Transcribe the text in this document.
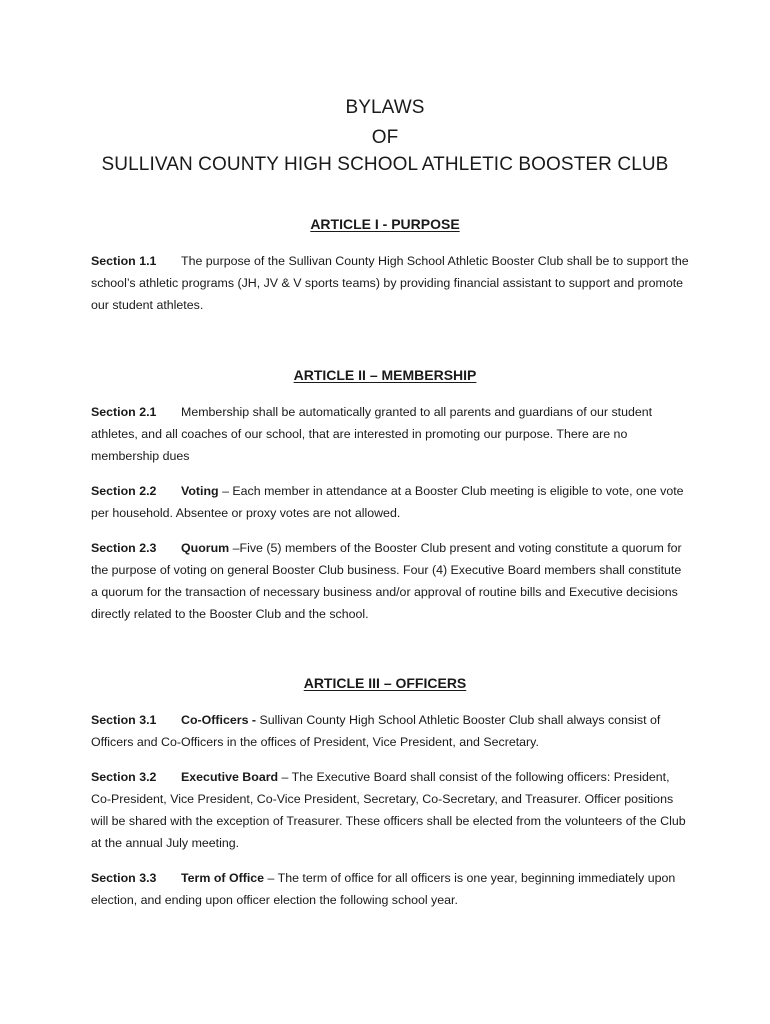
BYLAWS
OF
SULLIVAN COUNTY HIGH SCHOOL ATHLETIC BOOSTER CLUB
ARTICLE I - PURPOSE
Section 1.1 The purpose of the Sullivan County High School Athletic Booster Club shall be to support the school’s athletic programs (JH, JV & V sports teams) by providing financial assistant to support and promote our student athletes.
ARTICLE II – MEMBERSHIP
Section 2.1 Membership shall be automatically granted to all parents and guardians of our student athletes, and all coaches of our school, that are interested in promoting our purpose. There are no membership dues
Section 2.2 Voting – Each member in attendance at a Booster Club meeting is eligible to vote, one vote per household. Absentee or proxy votes are not allowed.
Section 2.3 Quorum –Five (5) members of the Booster Club present and voting constitute a quorum for the purpose of voting on general Booster Club business. Four (4) Executive Board members shall constitute a quorum for the transaction of necessary business and/or approval of routine bills and Executive decisions directly related to the Booster Club and the school.
ARTICLE III – OFFICERS
Section 3.1 Co-Officers - Sullivan County High School Athletic Booster Club shall always consist of Officers and Co-Officers in the offices of President, Vice President, and Secretary.
Section 3.2 Executive Board – The Executive Board shall consist of the following officers: President, Co-President, Vice President, Co-Vice President, Secretary, Co-Secretary, and Treasurer. Officer positions will be shared with the exception of Treasurer. These officers shall be elected from the volunteers of the Club at the annual July meeting.
Section 3.3 Term of Office – The term of office for all officers is one year, beginning immediately upon election, and ending upon officer election the following school year.
